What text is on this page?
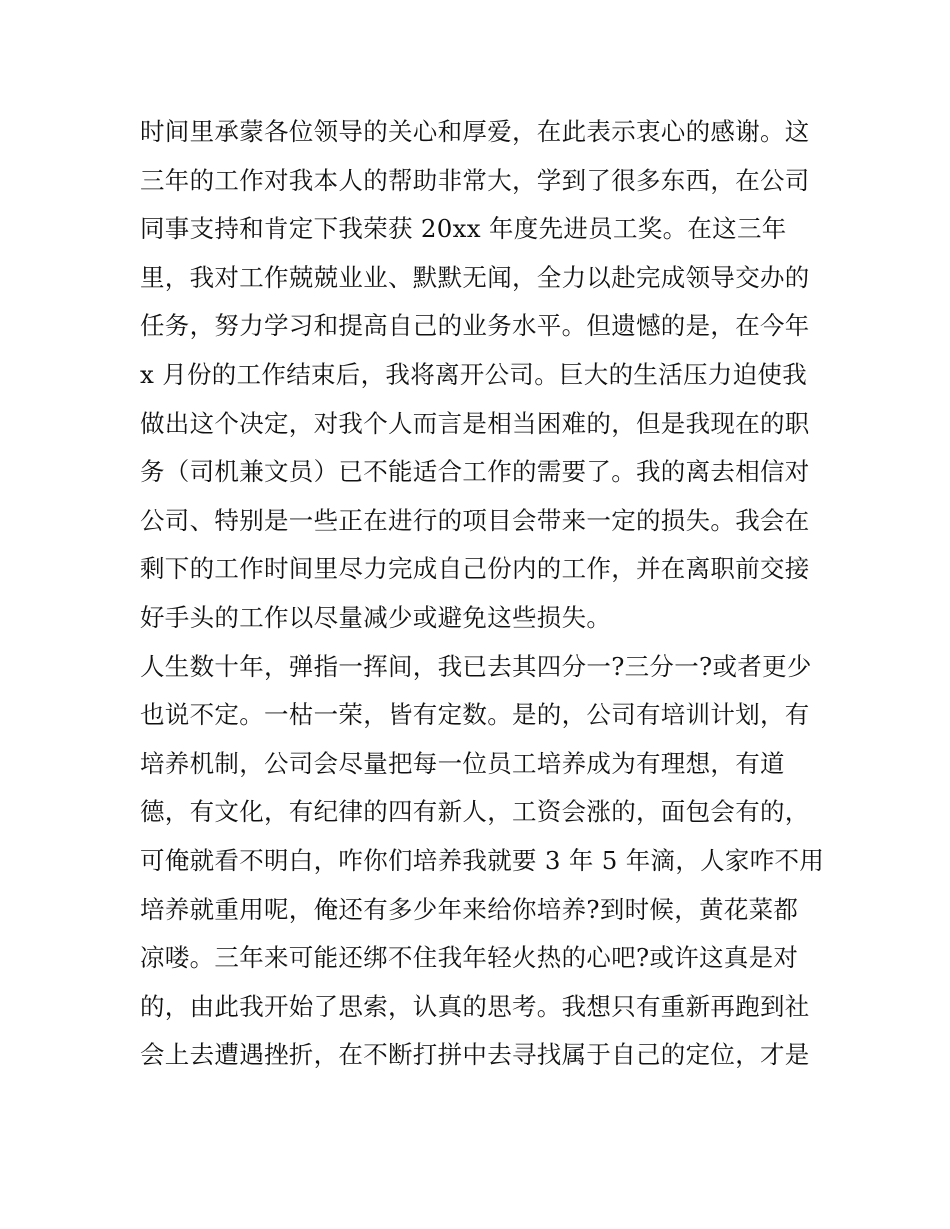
时间里承蒙各位领导的关心和厚爱，在此表示衷心的感谢。这
三年的工作对我本人的帮助非常大，学到了很多东西，在公司
同事支持和肯定下我荣获 20xx 年度先进员工奖。在这三年
里，我对工作兢兢业业、默默无闻，全力以赴完成领导交办的
任务，努力学习和提高自己的业务水平。但遗憾的是，在今年
x 月份的工作结束后，我将离开公司。巨大的生活压力迫使我
做出这个决定，对我个人而言是相当困难的，但是我现在的职
务（司机兼文员）已不能适合工作的需要了。我的离去相信对
公司、特别是一些正在进行的项目会带来一定的损失。我会在
剩下的工作时间里尽力完成自己份内的工作，并在离职前交接
好手头的工作以尽量减少或避免这些损失。
人生数十年，弹指一挥间，我已去其四分一?三分一?或者更少
也说不定。一枯一荣，皆有定数。是的，公司有培训计划，有
培养机制，公司会尽量把每一位员工培养成为有理想，有道
德，有文化，有纪律的四有新人，工资会涨的，面包会有的，
可俺就看不明白，咋你们培养我就要 3 年 5 年滴，人家咋不用
培养就重用呢，俺还有多少年来给你培养?到时候，黄花菜都
凉喽。三年来可能还绑不住我年轻火热的心吧?或许这真是对
的，由此我开始了思索，认真的思考。我想只有重新再跑到社
会上去遭遇挫折，在不断打拼中去寻找属于自己的定位，才是
